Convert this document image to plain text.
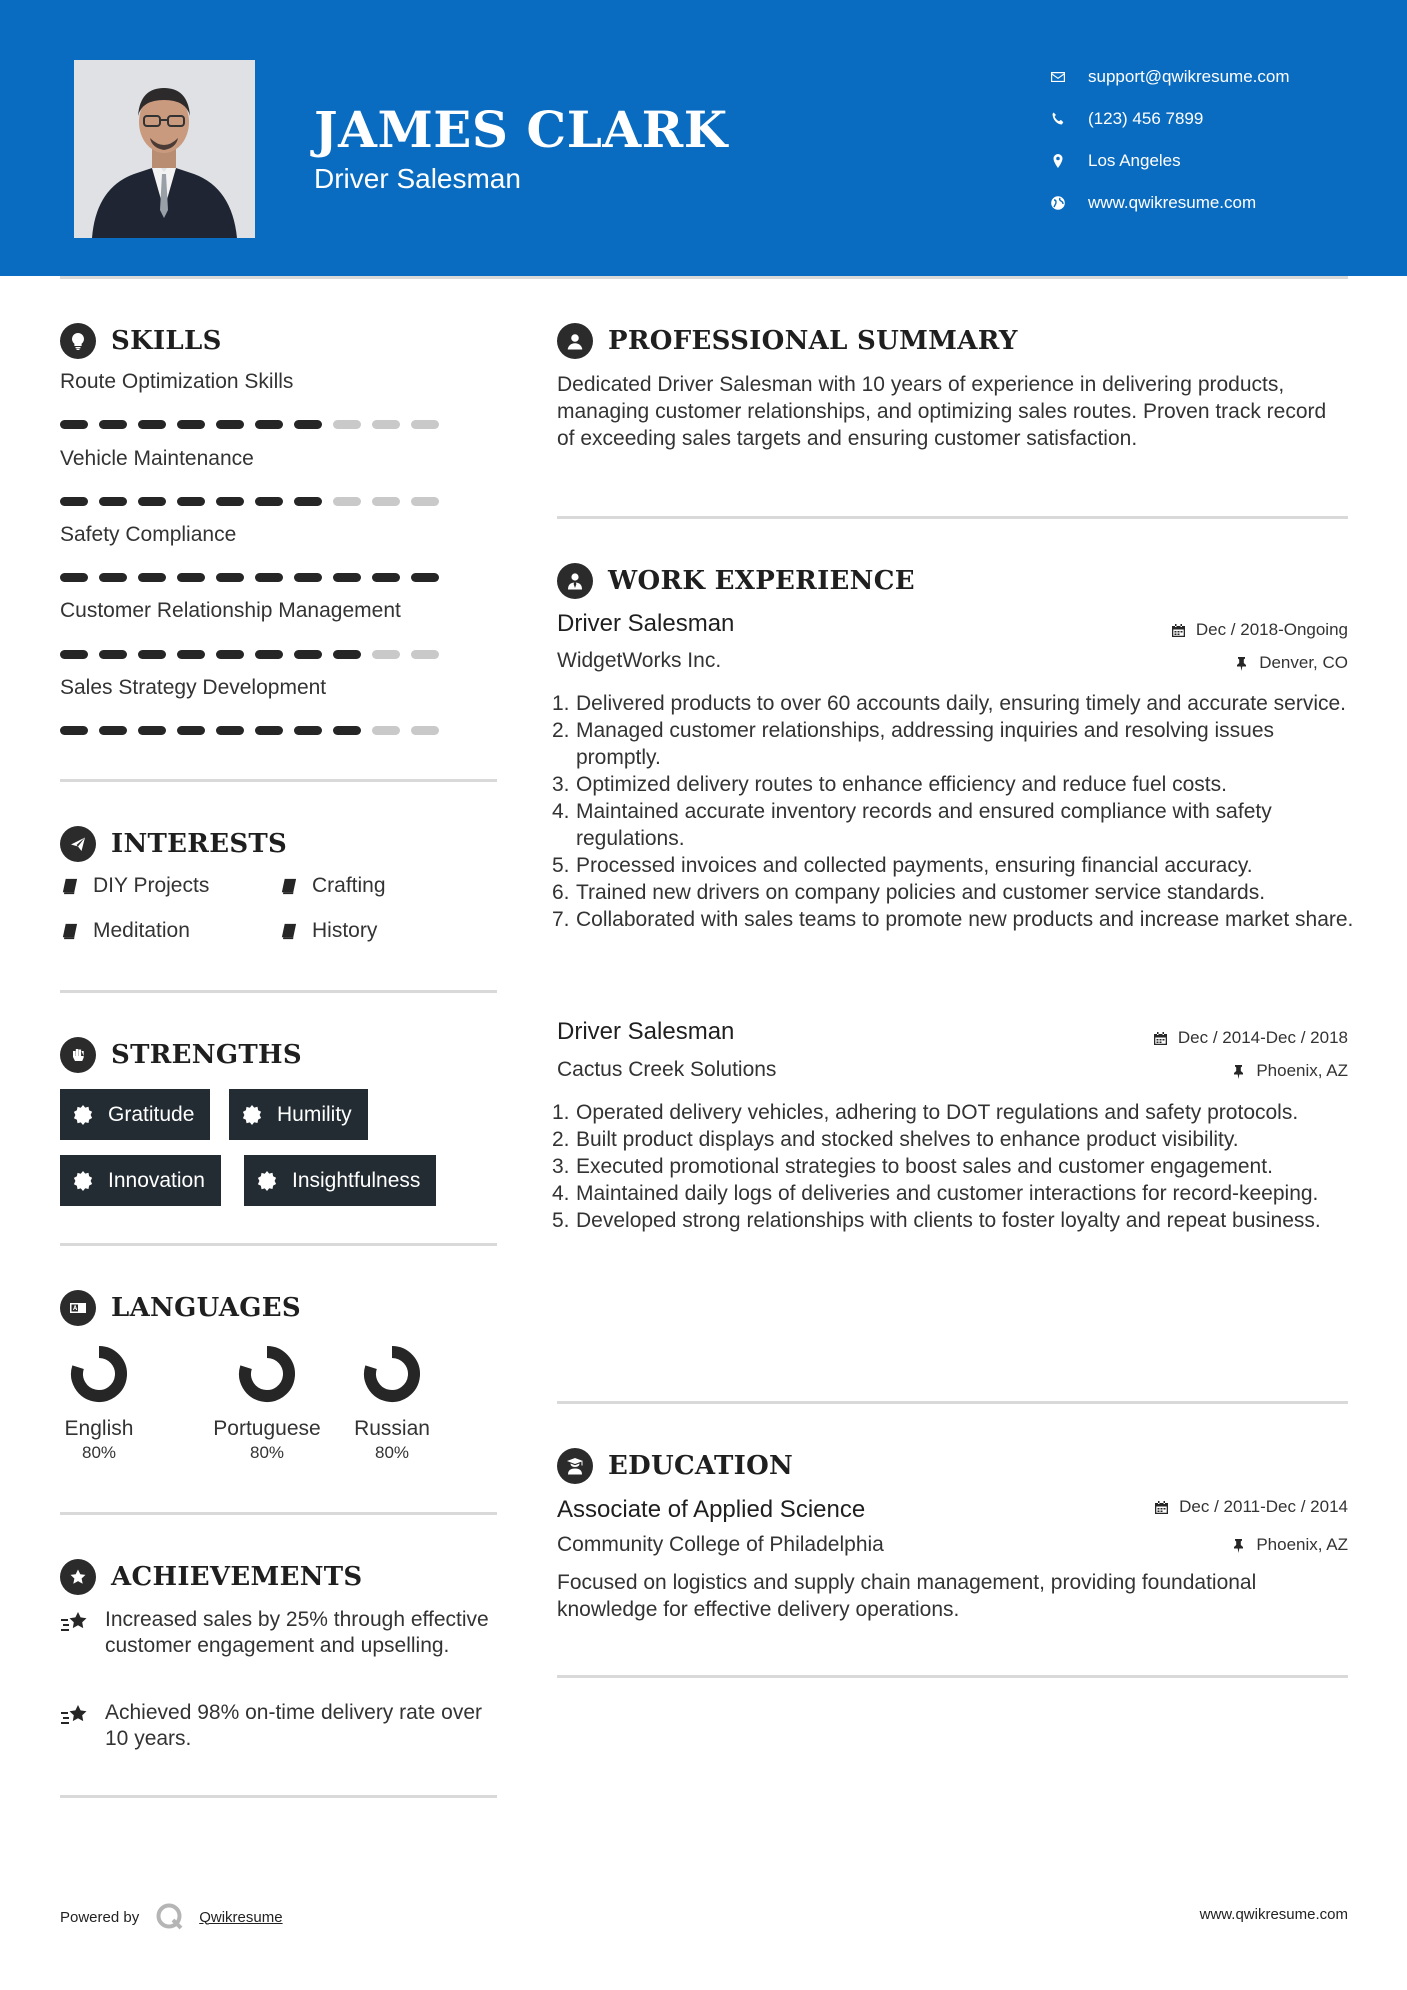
JAMES CLARK
Driver Salesman
support@qwikresume.com
(123) 456 7899
Los Angeles
www.qwikresume.com
SKILLS
Route Optimization Skills
Vehicle Maintenance
Safety Compliance
Customer Relationship Management
Sales Strategy Development
INTERESTS
DIY Projects	Crafting
Meditation	History
STRENGTHS
Gratitude	Humility
Innovation	Insightfulness
LANGUAGES
English
80%
Portuguese
80%
Russian
80%
ACHIEVEMENTS

Increased sales by 25% through effective customer engagement and upselling.

Achieved 98% on-time delivery rate over 10 years.

PROFESSIONAL SUMMARY
Dedicated Driver Salesman with 10 years of experience in delivering products, managing customer relationships, and optimizing sales routes. Proven track record of exceeding sales targets and ensuring customer satisfaction.
WORK EXPERIENCE
Driver Salesman	Dec / 2018-Ongoing
WidgetWorks Inc.	Denver, CO
1. Delivered products to over 60 accounts daily, ensuring timely and accurate service.
2. Managed customer relationships, addressing inquiries and resolving issues promptly.
3. Optimized delivery routes to enhance efficiency and reduce fuel costs.
4. Maintained accurate inventory records and ensured compliance with safety regulations.
5. Processed invoices and collected payments, ensuring financial accuracy.
6. Trained new drivers on company policies and customer service standards.
7. Collaborated with sales teams to promote new products and increase market share.
Driver Salesman	Dec / 2014-Dec / 2018
Cactus Creek Solutions	Phoenix, AZ
1. Operated delivery vehicles, adhering to DOT regulations and safety protocols.
2. Built product displays and stocked shelves to enhance product visibility.
3. Executed promotional strategies to boost sales and customer engagement.
4. Maintained daily logs of deliveries and customer interactions for record-keeping.
5. Developed strong relationships with clients to foster loyalty and repeat business.
EDUCATION
Associate of Applied Science	Dec / 2011-Dec / 2014
Community College of Philadelphia	Phoenix, AZ
Focused on logistics and supply chain management, providing foundational knowledge for effective delivery operations.
Powered by	Qwikresume	www.qwikresume.com
